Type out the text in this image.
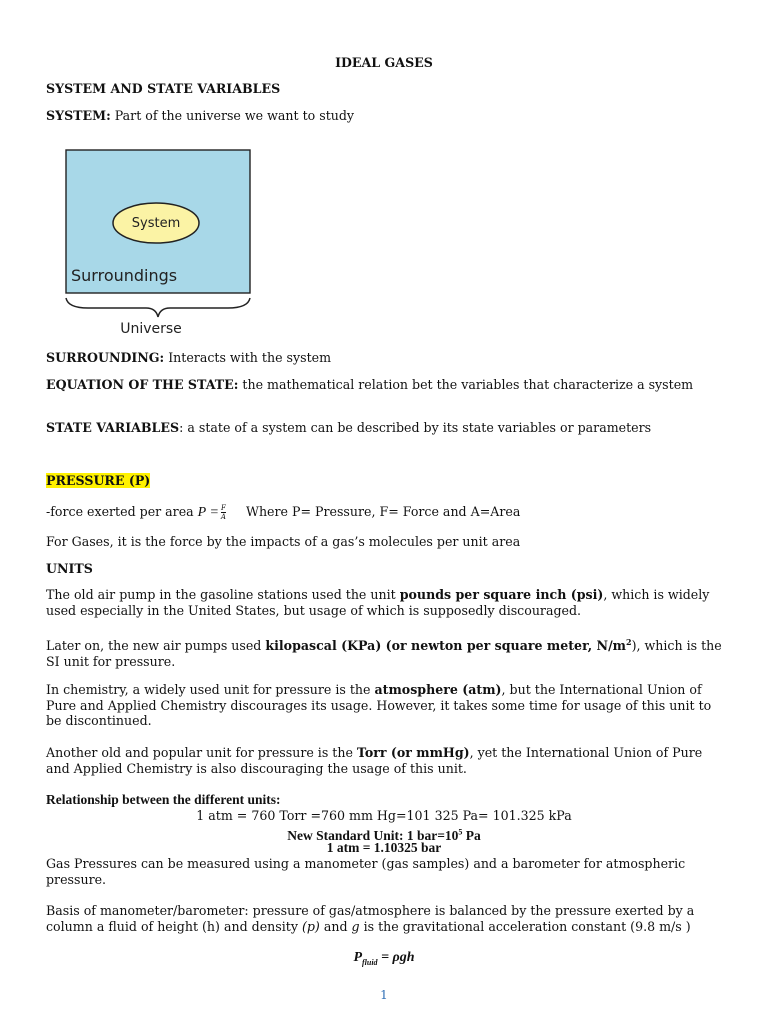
IDEAL GASES
SYSTEM AND STATE VARIABLES
SYSTEM: Part of the universe we want to study
System
Surroundings
Universe
SURROUNDING: Interacts with the system
EQUATION OF THE STATE: the mathematical relation bet the variables that characterize a system
STATE VARIABLES: a state of a system can be described by its state variables or parameters
PRESSURE (P)
-force exerted per area $P = \frac{F}{A}$ Where P= Pressure, F= Force and A=Area
For Gases, it is the force by the impacts of a gas’s molecules per unit area
UNITS
The old air pump in the gasoline stations used the unit pounds per square inch (psi), which is widely used especially in the United States, but usage of which is supposedly discouraged.
Later on, the new air pumps used kilopascal (KPa) (or newton per square meter, $N/m^2$), which is the SI unit for pressure.
In chemistry, a widely used unit for pressure is the atmosphere (atm), but the International Union of Pure and Applied Chemistry discourages its usage. However, it takes some time for usage of this unit to be discontinued.
Another old and popular unit for pressure is the Torr (or mmHg), yet the International Union of Pure and Applied Chemistry is also discouraging the usage of this unit.
Relationship between the different units:
1 atm = 760 Torr =760 mm Hg=101 325 Pa= 101.325 kPa
New Standard Unit: 1 $bar=10^5$ Pa
1 atm = 1.10325 bar
Gas Pressures can be measured using a manometer (gas samples) and a barometer for atmospheric pressure.
Basis of manometer/barometer: pressure of gas/atmosphere is balanced by the pressure exerted by a column a fluid of height (h) and density (p) and g is the gravitational acceleration constant (9.8 m/s )
$P_{fluid} = \rho gh$
1
